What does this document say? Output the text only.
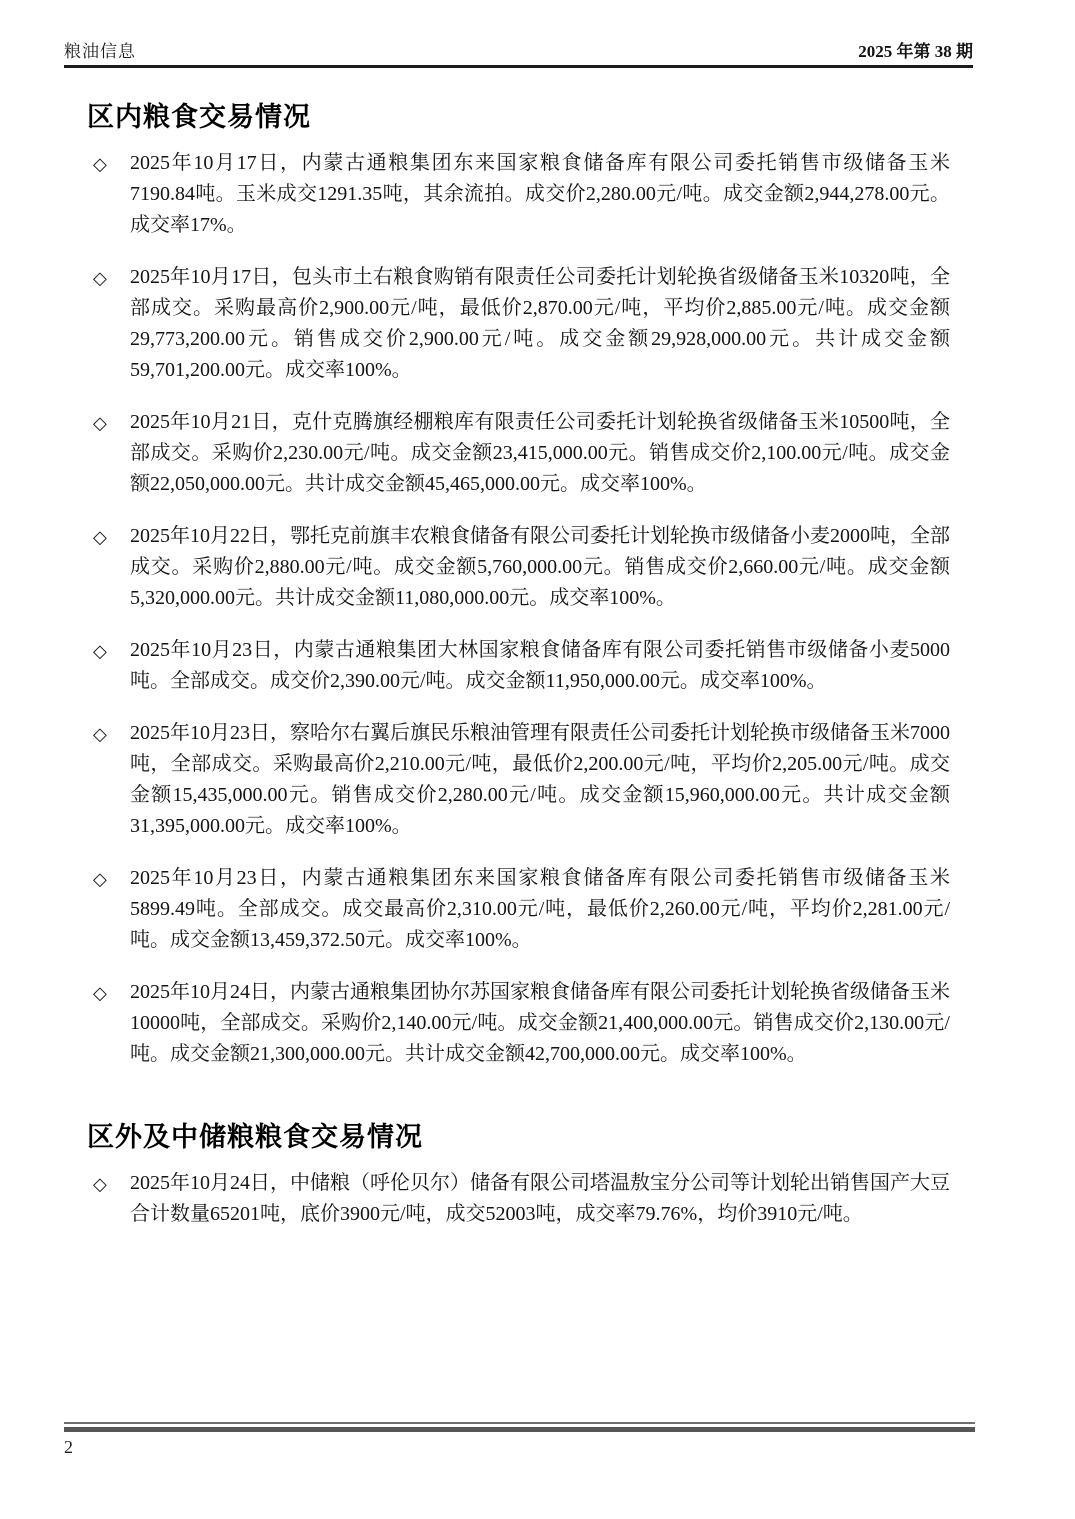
粮油信息	2025 年第 38 期
区内粮食交易情况
◇ 2025年10月17日，内蒙古通粮集团东来国家粮食储备库有限公司委托销售市级储备玉米7190.84吨。玉米成交1291.35吨，其余流拍。成交价2,280.00元/吨。成交金额2,944,278.00元。成交率17%。
◇ 2025年10月17日，包头市土右粮食购销有限责任公司委托计划轮换省级储备玉米10320吨，全部成交。采购最高价2,900.00元/吨，最低价2,870.00元/吨，平均价2,885.00元/吨。成交金额29,773,200.00元。销售成交价2,900.00元/吨。成交金额29,928,000.00元。共计成交金额59,701,200.00元。成交率100%。
◇ 2025年10月21日，克什克腾旗经棚粮库有限责任公司委托计划轮换省级储备玉米10500吨，全部成交。采购价2,230.00元/吨。成交金额23,415,000.00元。销售成交价2,100.00元/吨。成交金额22,050,000.00元。共计成交金额45,465,000.00元。成交率100%。
◇ 2025年10月22日，鄂托克前旗丰农粮食储备有限公司委托计划轮换市级储备小麦2000吨，全部成交。采购价2,880.00元/吨。成交金额5,760,000.00元。销售成交价2,660.00元/吨。成交金额5,320,000.00元。共计成交金额11,080,000.00元。成交率100%。
◇ 2025年10月23日，内蒙古通粮集团大林国家粮食储备库有限公司委托销售市级储备小麦5000吨。全部成交。成交价2,390.00元/吨。成交金额11,950,000.00元。成交率100%。
◇ 2025年10月23日，察哈尔右翼后旗民乐粮油管理有限责任公司委托计划轮换市级储备玉米7000吨，全部成交。采购最高价2,210.00元/吨，最低价2,200.00元/吨，平均价2,205.00元/吨。成交金额15,435,000.00元。销售成交价2,280.00元/吨。成交金额15,960,000.00元。共计成交金额31,395,000.00元。成交率100%。
◇ 2025年10月23日，内蒙古通粮集团东来国家粮食储备库有限公司委托销售市级储备玉米5899.49吨。全部成交。成交最高价2,310.00元/吨，最低价2,260.00元/吨，平均价2,281.00元/吨。成交金额13,459,372.50元。成交率100%。
◇ 2025年10月24日，内蒙古通粮集团协尔苏国家粮食储备库有限公司委托计划轮换省级储备玉米10000吨，全部成交。采购价2,140.00元/吨。成交金额21,400,000.00元。销售成交价2,130.00元/吨。成交金额21,300,000.00元。共计成交金额42,700,000.00元。成交率100%。
区外及中储粮粮食交易情况
◇ 2025年10月24日，中储粮（呼伦贝尔）储备有限公司塔温敖宝分公司等计划轮出销售国产大豆合计数量65201吨，底价3900元/吨，成交52003吨，成交率79.76%，均价3910元/吨。
2
